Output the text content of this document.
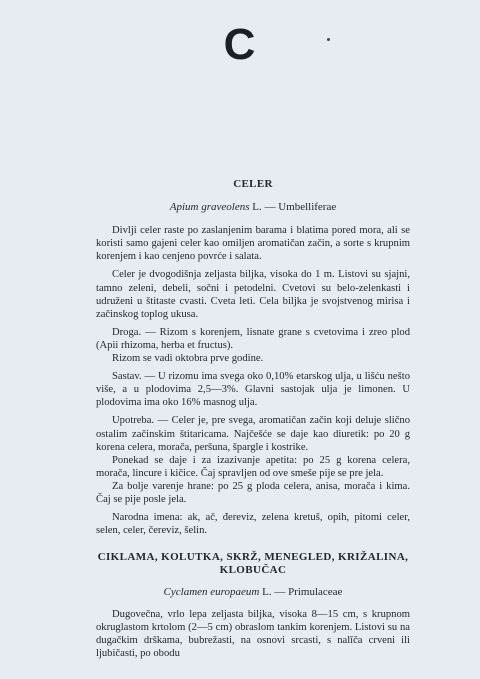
C
CELER
Apium graveolens L. — Umbelliferae

Divlji celer raste po zaslanjenim barama i blatima pored mora, ali se koristi samo gajeni celer kao omiljen aromatičan začin, a sorte s krupnim korenjem i kao cenjeno povrće i salata.

Celer je dvogodišnja zeljasta biljka, visoka do 1 m. Listovi su sjajni, tamno zeleni, debeli, sočni i petodelni. Cvetovi su belo-zelenkasti i udruženi u štitaste cvasti. Cveta leti. Cela biljka je svojstvenog mirisa i začinskog toplog ukusa.

Droga. — Rizom s korenjem, lisnate grane s cvetovima i zreo plod (Apii rhizoma, herba et fructus).

Rizom se vadi oktobra prve godine.

Sastav. — U rizomu ima svega oko 0,10% etarskog ulja, u lišću nešto više, a u plodovima 2,5—3%. Glavni sastojak ulja je limonen. U plodovima ima oko 16% masnog ulja.

Upotreba. — Celer je, pre svega, aromatičan začin koji deluje slično ostalim začinskim štitaricama. Najčešće se daje kao diuretik: po 20 g korena celera, morača, peršuna, špargle i kostrike.

Ponekad se daje i za izazivanje apetita: po 25 g korena celera, morača, lincure i kičice. Čaj spravljen od ove smeše pije se pre jela.

Za bolje varenje hrane: po 25 g ploda celera, anisa, morača i kima. Čaj se pije posle jela.

Narodna imena: ak, ač, đereviz, zelena kretuš, opih, pitomi celer, selen, celer, čereviz, šelin.

CIKLAMA, KOLUTKA, SKRŽ, MENEGLED, KRIŽALINA, KLOBUČAC
Cyclamen europaeum L. — Primulaceae

Dugovečna, vrlo lepa zeljasta biljka, visoka 8—15 cm, s krupnom okruglastom krtolom (2—5 cm) obraslom tankim korenjem. Listovi su na dugačkim drškama, bubrežasti, na osnovi srcasti, s nalīča crveni ili ljubičasti, po obodu
